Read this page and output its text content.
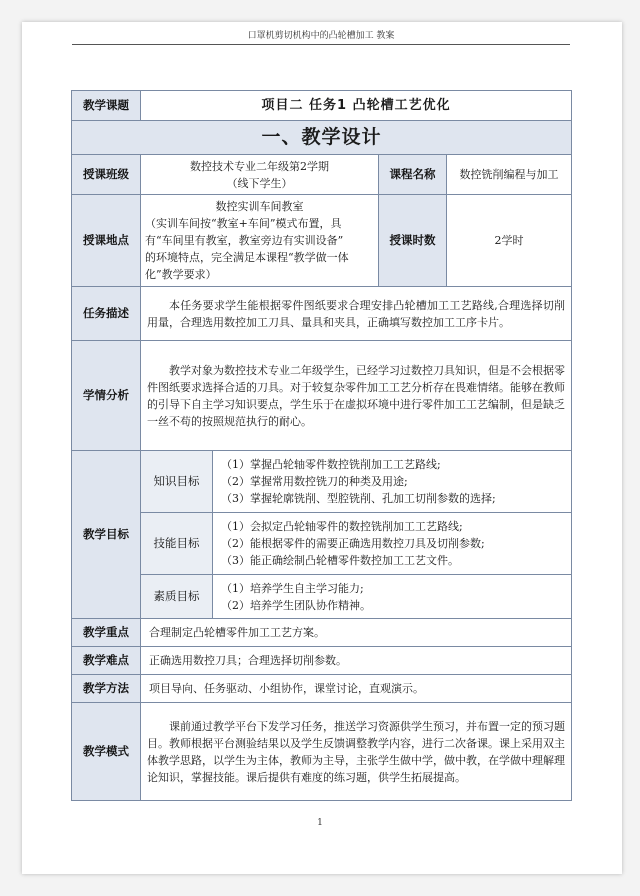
口罩机剪切机构中的凸轮槽加工 教案
教学课题	项目二 任务1 凸轮槽工艺优化			
一、教学设计				
授课班级	数控技术专业二年级第2学期
（线下学生）		课程名称	数控铣削编程与加工
授课地点	数控实训车间教室
（实训车间按“教室+车间”模式布置，具
有“车间里有教室，教室旁边有实训设备”
的环境特点，完全满足本课程“教学做一体
化”教学要求）		授课时数	2学时
任务描述	本任务要求学生能根据零件图纸要求合理安排凸轮槽加工工艺路线,合理选择切削用量，合理选用数控加工刀具、量具和夹具，正确填写数控加工工序卡片。			
学情分析	教学对象为数控技术专业二年级学生，已经学习过数控刀具知识，但是不会根据零件图纸要求选择合适的刀具。对于较复杂零件加工工艺分析存在畏难情绪。能够在教师的引导下自主学习知识要点，学生乐于在虚拟环境中进行零件加工工艺编制，但是缺乏一丝不苟的按照规范执行的耐心。			
教学目标	知识目标	（1）掌握凸轮轴零件数控铣削加工工艺路线;
（2）掌握常用数控铣刀的种类及用途;
（3）掌握轮廓铣削、型腔铣削、孔加工切削参数的选择;		

	技能目标	（1）会拟定凸轮轴零件的数控铣削加工工艺路线;
（2）能根据零件的需要正确选用数控刀具及切削参数;
（3）能正确绘制凸轮槽零件数控加工工艺文件。		

	素质目标	（1）培养学生自主学习能力;
（2）培养学生团队协作精神。		

教学重点	合理制定凸轮槽零件加工工艺方案。			
教学难点	正确选用数控刀具；合理选择切削参数。			
教学方法	项目导向、任务驱动、小组协作，课堂讨论，直观演示。			
教学模式	课前通过教学平台下发学习任务，推送学习资源供学生预习，并布置一定的预习题目。教师根据平台测验结果以及学生反馈调整教学内容，进行二次备课。课上采用双主体教学思路，以学生为主体，教师为主导，主张学生做中学，做中教，在学做中理解理论知识，掌握技能。课后提供有难度的练习题，供学生拓展提高。			
1
